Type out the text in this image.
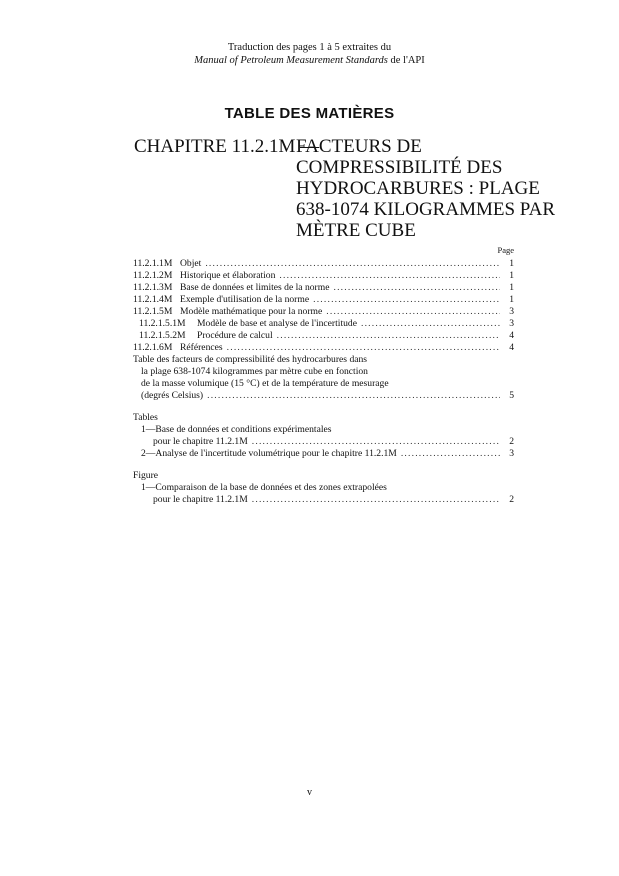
Traduction des pages 1 à 5 extraites du
Manual of Petroleum Measurement Standards de l'API
TABLE DES MATIÈRES
CHAPITRE 11.2.1M —
FACTEURS DE
COMPRESSIBILITÉ DES
HYDROCARBURES : PLAGE
638-1074 KILOGRAMMES PAR
MÈTRE CUBE
Page
11.2.1.1M Objet .....	1
11.2.1.2M Historique et élaboration .....	1
11.2.1.3M Base de données et limites de la norme .....	1
11.2.1.4M Exemple d'utilisation de la norme .....	1
11.2.1.5M Modèle mathématique pour la norme .....	3
11.2.1.5.1M	Modèle de base et analyse de l'incertitude .....	3
11.2.1.5.2M	Procédure de calcul .....	4
11.2.1.6M Références .....	4
Table des facteurs de compressibilité des hydrocarbures dans
la plage 638-1074 kilogrammes par mètre cube en fonction
de la masse volumique (15 °C) et de la température de mesurage
(degrés Celsius) .....	5
Tables
1—Base de données et conditions expérimentales
pour le chapitre 11.2.1M .....	2
2—Analyse de l'incertitude volumétrique pour le chapitre 11.2.1M .....	3
Figure
1—Comparaison de la base de données et des zones extrapolées
pour le chapitre 11.2.1M .....	2
v
